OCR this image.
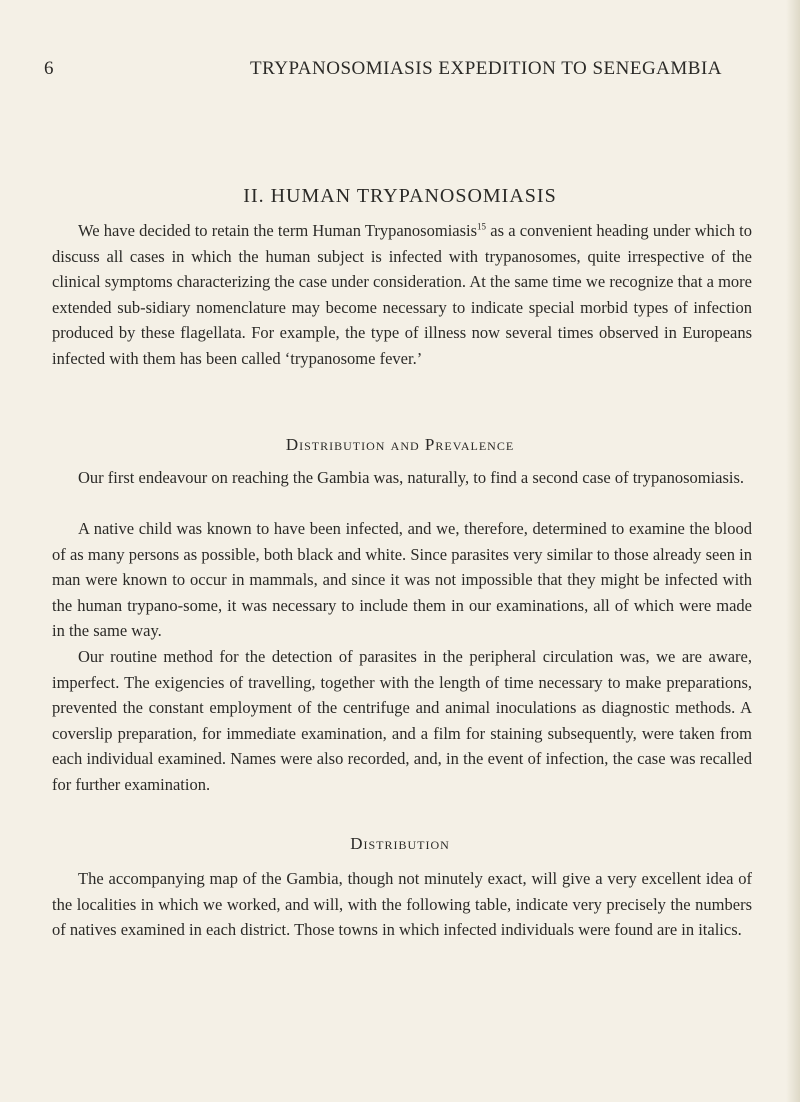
6	TRYPANOSOMIASIS EXPEDITION TO SENEGAMBIA
II. HUMAN TRYPANOSOMIASIS

We have decided to retain the term Human Trypanosomiasis$^{15}$ as a convenient heading under which to discuss all cases in which the human subject is infected with trypanosomes, quite irrespective of the clinical symptoms characterizing the case under consideration. At the same time we recognize that a more extended sub-sidiary nomenclature may become necessary to indicate special morbid types of infection produced by these flagellata. For example, the type of illness now several times observed in Europeans infected with them has been called ‘trypanosome fever.’

Distribution and Prevalence

Our first endeavour on reaching the Gambia was, naturally, to find a second case of trypanosomiasis.

A native child was known to have been infected, and we, therefore, determined to examine the blood of as many persons as possible, both black and white. Since parasites very similar to those already seen in man were known to occur in mammals, and since it was not impossible that they might be infected with the human trypano-some, it was necessary to include them in our examinations, all of which were made in the same way.

Our routine method for the detection of parasites in the peripheral circulation was, we are aware, imperfect. The exigencies of travelling, together with the length of time necessary to make preparations, prevented the constant employment of the centrifuge and animal inoculations as diagnostic methods. A coverslip preparation, for immediate examination, and a film for staining subsequently, were taken from each individual examined. Names were also recorded, and, in the event of infection, the case was recalled for further examination.

Distribution

The accompanying map of the Gambia, though not minutely exact, will give a very excellent idea of the localities in which we worked, and will, with the following table, indicate very precisely the numbers of natives examined in each district. Those towns in which infected individuals were found are in italics.
